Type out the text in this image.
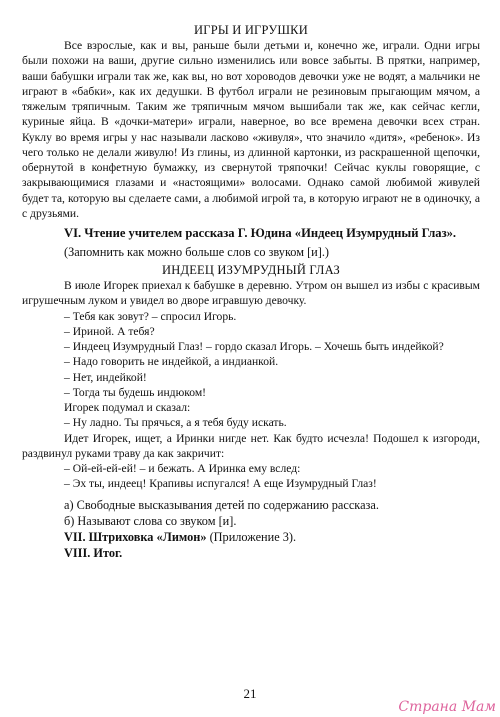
ИГРЫ И ИГРУШКИ

Все взрослые, как и вы, раньше были детьми и, конечно же, играли. Одни игры были похожи на ваши, другие сильно изменились или вовсе забыты. В прятки, например, ваши бабушки играли так же, как вы, но вот хороводов девочки уже не водят, а мальчики не играют в «бабки», как их дедушки. В футбол играли не резиновым прыгающим мячом, а тяжелым тряпичным. Таким же тряпичным мячом вышибали так же, как сейчас кегли, куриные яйца. В «дочки-матери» играли, наверное, во все времена девочки всех стран. Куклу во время игры у нас называли ласково «живуля», что значило «дитя», «ребенок». Из чего только не делали живулю! Из глины, из длинной картонки, из раскрашенной щепочки, обернутой в конфетную бумажку, из свернутой тряпочки! Сейчас куклы говорящие, с закрывающимися глазами и «настоящими» волосами. Однако самой любимой живулей будет та, которую вы сделаете сами, а любимой игрой та, в которую играют не в одиночку, а с друзьями.

VI. Чтение учителем рассказа Г. Юдина «Индеец Изумрудный Глаз».

(Запомнить как можно больше слов со звуком [и].)

ИНДЕЕЦ ИЗУМРУДНЫЙ ГЛАЗ

В июле Игорек приехал к бабушке в деревню. Утром он вышел из избы с красивым игрушечным луком и увидел во дворе игравшую девочку.

– Тебя как зовут? – спросил Игорь.

– Ириной. А тебя?

– Индеец Изумрудный Глаз! – гордо сказал Игорь. – Хочешь быть индейкой?

– Надо говорить не индейкой, а индианкой.

– Нет, индейкой!

– Тогда ты будешь индюком!

Игорек подумал и сказал:

– Ну ладно. Ты прячься, а я тебя буду искать.

Идет Игорек, ищет, а Иринки нигде нет. Как будто исчезла! Подошел к изгороди, раздвинул руками траву да как закричит:

– Ой-ей-ей-ей! – и бежать. А Иринка ему вслед:

– Эх ты, индеец! Крапивы испугался! А еще Изумрудный Глаз!

а) Свободные высказывания детей по содержанию рассказа.

б) Называют слова со звуком [и].

VII. Штриховка «Лимон» (Приложение 3).

VIII. Итог.

21
Страна Мам
